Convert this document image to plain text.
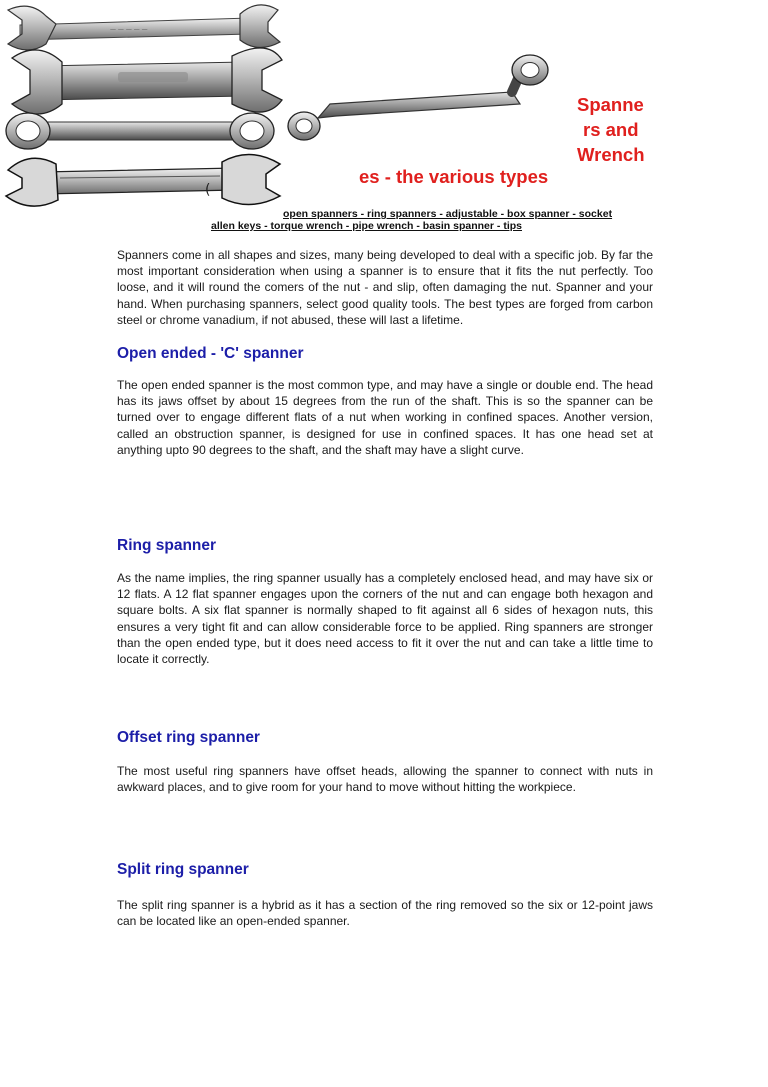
— — — — —
(
Spanne
rs and
Wrench
es - the various types
open spanners - ring spanners - adjustable - box spanner - socket
allen keys - torque wrench - pipe wrench - basin spanner - tips

Spanners come in all shapes and sizes, many being developed to deal with a specific job. By far the most important consideration when using a spanner is to ensure that it fits the nut perfectly. Too loose, and it will round the comers of the nut - and slip, often damaging the nut. Spanner and your hand. When purchasing spanners, select good quality tools. The best types are forged from carbon steel or chrome vanadium, if not abused, these will last a lifetime.

Open ended - 'C' spanner

The open ended spanner is the most common type, and may have a single or double end. The head has its jaws offset by about 15 degrees from the run of the shaft. This is so the spanner can be turned over to engage different flats of a nut when working in confined spaces. Another version, called an obstruction spanner, is designed for use in confined spaces. It has one head set at anything upto 90 degrees to the shaft, and the shaft may have a slight curve.

Ring spanner

As the name implies, the ring spanner usually has a completely enclosed head, and may have six or 12 flats. A 12 flat spanner engages upon the corners of the nut and can engage both hexagon and square bolts. A six flat spanner is normally shaped to fit against all 6 sides of hexagon nuts, this ensures a very tight fit and can allow considerable force to be applied. Ring spanners are stronger than the open ended type, but it does need access to fit it over the nut and can take a little time to locate it correctly.

Offset ring spanner

The most useful ring spanners have offset heads, allowing the spanner to connect with nuts in awkward places, and to give room for your hand to move without hitting the workpiece.

Split ring spanner

The split ring spanner is a hybrid as it has a section of the ring removed so the six or 12-point jaws can be located like an open-ended spanner.
